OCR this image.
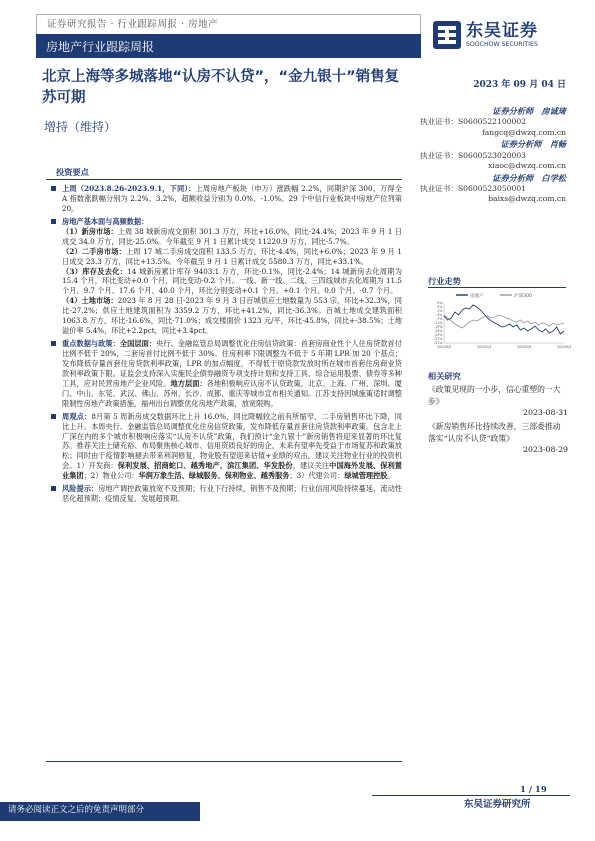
证券研究报告 · 行业跟踪周报 · 房地产
房地产行业跟踪周报
东吴证券
SOOCHOW SECURITIES
北京上海等多城落地“认房不认贷”，“金九银十”销售复苏可期
2023 年 09 月 04 日
增持（维持）
证券分析师　 房诚琦
执业证书：S0600522100002
fangcq@dwzq.com.cn
证券分析师　 肖畅
执业证书：S0600523020003
xiaoc@dwzq.com.cn
证券分析师　 白学松
执业证书：S0600523050001
baixs@dwzq.com.cn
投资要点

上周（2023.8.26-2023.9.1，下同）：上周房地产板块（申万）涨跌幅 2.2%，同期沪深 300、万得全 A 指数涨跌幅分别为 2.2%、3.2%，超额收益分别为 0.0%、-1.0%。29 个中信行业板块中房地产位列第 20。

房地产基本面与高频数据：

（1）新房市场：上周 38 城新房成交面积 301.3 万方，环比+16.0%，同比-24.4%；2023 年 9 月 1 日成交 34.0 万方，同比-25.0%。今年截至 9 月 1 日累计成交 11220.9 万方，同比-5.7%。

（2）二手房市场：上周 17 城二手房成交面积 133.5 万方，环比-4.4%，同比+6.0%；2023 年 9 月 1 日成交 23.3 万方，同比+13.5%。今年截至 9 月 1 日累计成交 5580.3 万方，同比+33.1%。

（3）库存及去化：14 城新房累计库存 9403.1 万方，环比-0.1%，同比-2.4%；14 城新房去化周期为 15.4 个月，环比变动+0.0 个月，同比变动-0.2 个月。一线、新一线、二线、三四线城市去化周期为 11.5 个月、9.7 个月、17.6 个月、40.0 个月，环比分别变动+0.1 个月、+0.1 个月、0.0 个月、-0.7 个月。

（4）土地市场：2023 年 8 月 28 日-2023 年 9 月 3 日百城供应土地数量为 553 宗，环比+32.3%，同比-27.2%；供应土地建筑面积为 3359.2 万方，环比+41.2%，同比-36.3%。百城土地成交建筑面积 1063.8 万方，环比-16.6%，同比-71.0%；成交楼面价 1323 元/平，环比-45.8%，同比+-38.5%；土地溢价率 5.4%，环比+2.2pct，同比+3.4pct。

重点数据与政策：全国层面：央行、金融监管总局调整优化住房信贷政策：首套房商业性个人住房贷款首付比例不低于 20%，二套房首付比例不低于 30%。住房利率下限调整为不低于 5 年期 LPR 加 20 个基点；发布降低存量首套住房贷款利率政策，LPR 的加点幅度，不得低于原贷款发放时所在城市首套住房商业贷款利率政策下限。证监会支持深入实施民企债券融资专项支持计划和支持工具，综合运用股票、债券等多种工具，应对民营房地产企业风险。地方层面：各地积极响应认房不认贷政策，北京、上海、广州、深圳、厦门、中山、东莞、武汉、佛山、苏州、长沙、成都、重庆等城市宣布相关通知。江苏支持因城施策适时调整限制性房地产政策措施，福州出台调整优化房地产政策，放宽限购。

周观点：8月第 5 周新房成交数据环比上升 16.0%，同比降幅较之前有所缩窄，二手房销售环比下降，同比上升。本周央行、金融监管总局调整优化住房信贷政策，发布降低存量首套住房贷款利率政策。包含北上广深在内的多个城市积极响应落实“认房不认贷”政策，我们预计“金九银十”新房销售将迎来显著的环比复苏。推荐关注土储充裕、布局聚焦核心城市、信用资质良好的房企，未来有望率先受益于市场复苏和政策放松；同时由于疫情影响褪去带来利润修复，物业股有望迎来估值+业绩的双击，建议关注物业行业的投资机会。1）开发商：保利发展、招商蛇口、越秀地产、滨江集团、华发股份，建议关注中国海外发展、保利置业集团；2）物业公司：华润万象生活、绿城服务、保利物业、越秀服务；3）代建公司：绿城管理控股。

风险提示：房地产调控政策放宽不及预期；行业下行持续，销售不及预期；行业信用风险持续蔓延，流动性恶化超预期；疫情反复、发展超预期。

行业走势
房地产	沪深300
9%
5%
1%
-3%
-7%
-11%
-15%
-19%
-23%
-27%
-31%
2022/9/5	2023/1/4	2023/5/6	2023/9/4
相关研究
《政策见现的一小步，信心重塑的一大步》
2023-08-31
《新房销售环比持续改善，三部委推动落实“认房不认贷”政策》
2023-08-29
1 / 19
东吴证券研究所
请务必阅读正文之后的免责声明部分
